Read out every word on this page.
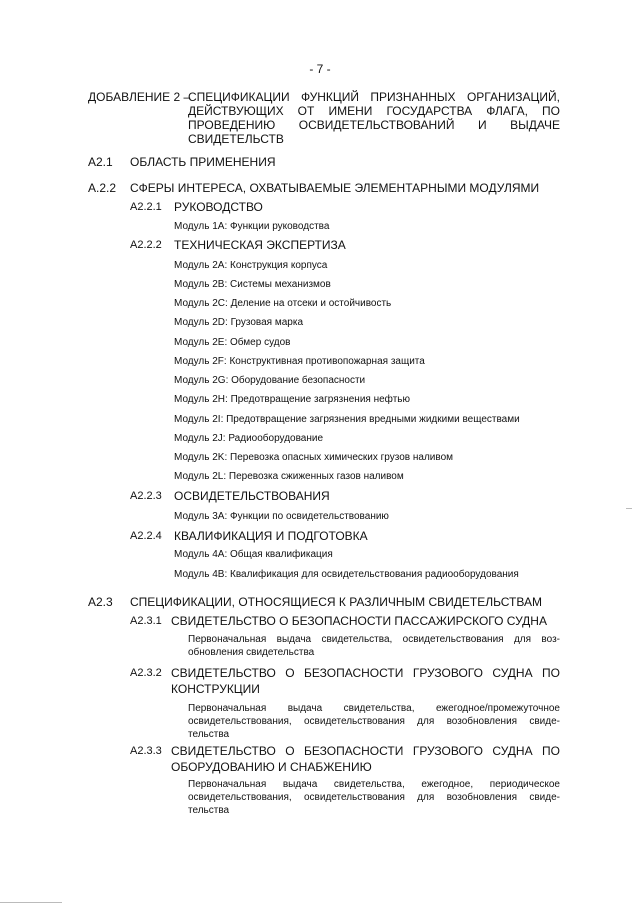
- 7 -
ДОБАВЛЕНИЕ 2 –
СПЕЦИФИКАЦИИ ФУНКЦИЙ ПРИЗНАННЫХ ОРГАНИЗАЦИЙ,
ДЕЙСТВУЮЩИХ ОТ ИМЕНИ ГОСУДАРСТВА ФЛАГА, ПО
ПРОВЕДЕНИЮ ОСВИДЕТЕЛЬСТВОВАНИЙ И ВЫДАЧЕ
СВИДЕТЕЛЬСТВ
A2.1 ОБЛАСТЬ ПРИМЕНЕНИЯ
A.2.2 СФЕРЫ ИНТЕРЕСА, ОХВАТЫВАЕМЫЕ ЭЛЕМЕНТАРНЫМИ МОДУЛЯМИ
A2.2.1 РУКОВОДСТВО
Модуль 1A: Функции руководства
A2.2.2 ТЕХНИЧЕСКАЯ ЭКСПЕРТИЗА
Модуль 2A: Конструкция корпуса
Модуль 2B: Системы механизмов
Модуль 2C: Деление на отсеки и остойчивость
Модуль 2D: Грузовая марка
Модуль 2E: Обмер судов
Модуль 2F: Конструктивная противопожарная защита
Модуль 2G: Оборудование безопасности
Модуль 2H: Предотвращение загрязнения нефтью
Модуль 2I: Предотвращение загрязнения вредными жидкими веществами
Модуль 2J: Радиооборудование
Модуль 2K: Перевозка опасных химических грузов наливом
Модуль 2L: Перевозка сжиженных газов наливом
A2.2.3 ОСВИДЕТЕЛЬСТВОВАНИЯ
Модуль 3A: Функции по освидетельствованию
A2.2.4 КВАЛИФИКАЦИЯ И ПОДГОТОВКА
Модуль 4A: Общая квалификация
Модуль 4B: Квалификация для освидетельствования радиооборудования
A2.3 СПЕЦИФИКАЦИИ, ОТНОСЯЩИЕСЯ К РАЗЛИЧНЫМ СВИДЕТЕЛЬСТВАМ
A2.3.1 СВИДЕТЕЛЬСТВО О БЕЗОПАСНОСТИ ПАССАЖИРСКОГО СУДНА
Первоначальная выдача свидетельства, освидетельствования для воз-
обновления свидетельства
A2.3.2 СВИДЕТЕЛЬСТВО О БЕЗОПАСНОСТИ ГРУЗОВОГО СУДНА ПО
КОНСТРУКЦИИ
Первоначальная выдача свидетельства, ежегодное/промежуточное
освидетельствования, освидетельствования для возобновления свиде-
тельства
A2.3.3 СВИДЕТЕЛЬСТВО О БЕЗОПАСНОСТИ ГРУЗОВОГО СУДНА ПО
ОБОРУДОВАНИЮ И СНАБЖЕНИЮ
Первоначальная выдача свидетельства, ежегодное, периодическое
освидетельствования, освидетельствования для возобновления свиде-
тельства
